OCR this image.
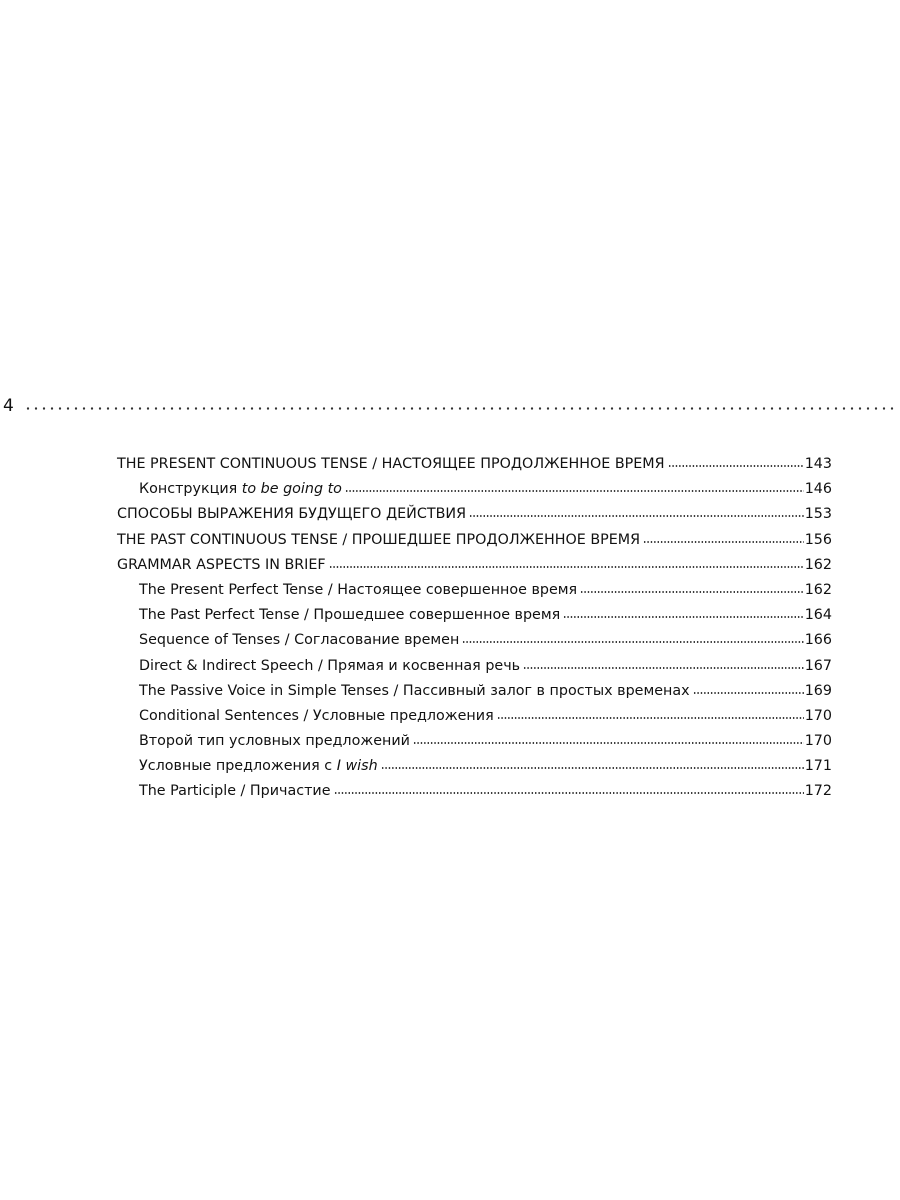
4
THE PRESENT CONTINUOUS TENSE / НАСТОЯЩЕЕ ПРОДОЛЖЕННОЕ ВРЕМЯ	143
Конструкция to be going to	146
СПОСОБЫ ВЫРАЖЕНИЯ БУДУЩЕГО ДЕЙСТВИЯ	153
THE PAST CONTINUOUS TENSE / ПРОШЕДШЕЕ ПРОДОЛЖЕННОЕ ВРЕМЯ	156
GRAMMAR ASPECTS IN BRIEF	162
The Present Perfect Tense / Настоящее совершенное время	162
The Past Perfect Tense / Прошедшее совершенное время	164
Sequence of Tenses / Согласование времен	166
Direct & Indirect Speech / Прямая и косвенная речь	167
The Passive Voice in Simple Tenses / Пассивный залог в простых временах	169
Conditional Sentences / Условные предложения	170
Второй тип условных предложений	170
Условные предложения с I wish	171
The Participle / Причастие	172
